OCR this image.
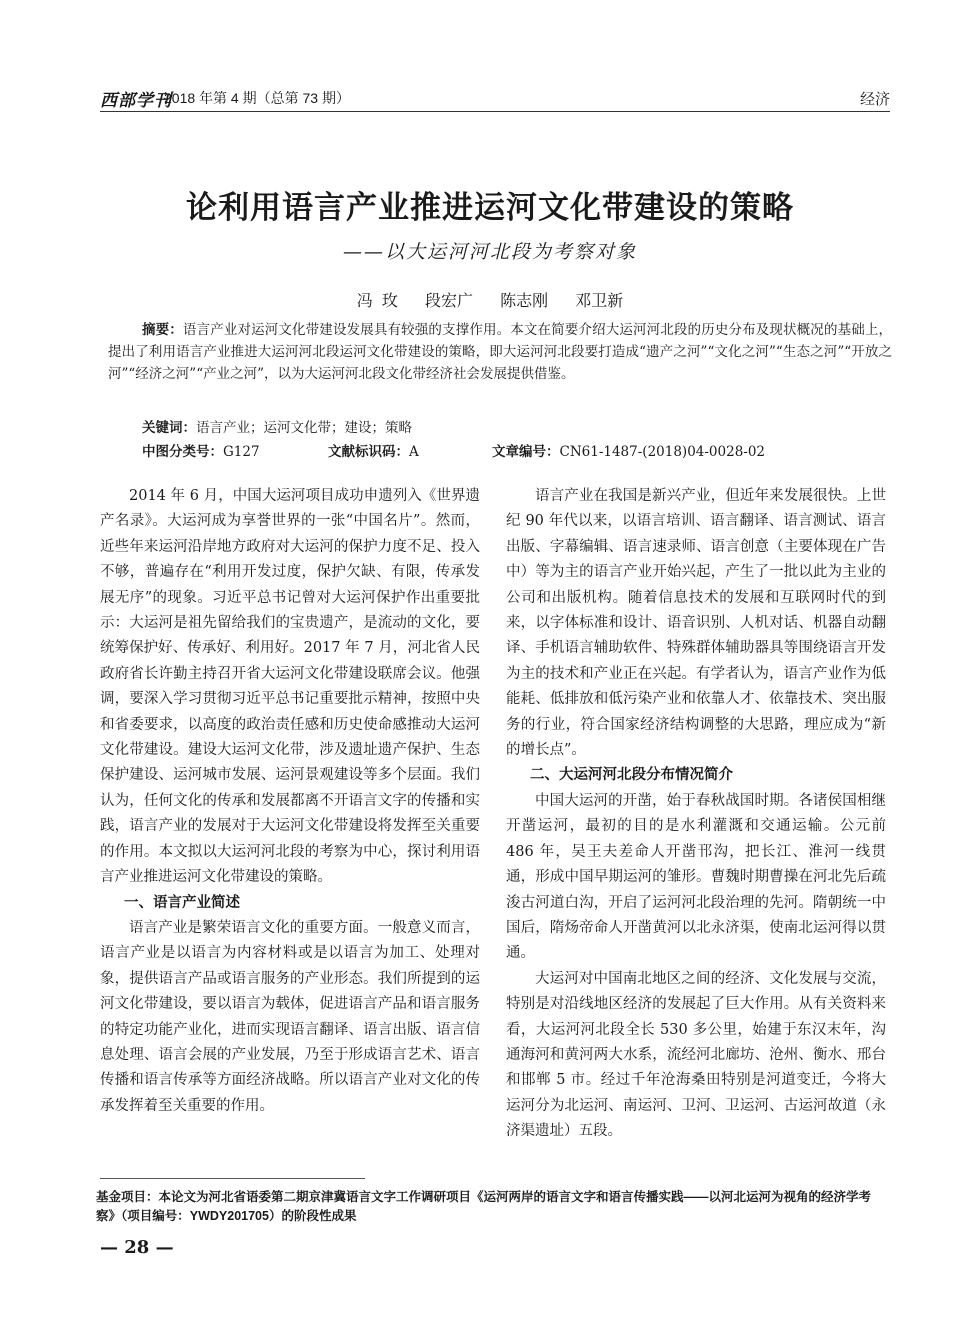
西部学刊
2018 年第 4 期（总第 73 期）	经济
论利用语言产业推进运河文化带建设的策略
——以大运河河北段为考察对象
冯 玫 段宏广 陈志刚 邓卫新

摘要：语言产业对运河文化带建设发展具有较强的支撑作用。本文在简要介绍大运河河北段的历史分布及现状概况的基础上，提出了利用语言产业推进大运河河北段运河文化带建设的策略，即大运河河北段要打造成“遗产之河”“文化之河”“生态之河”“开放之河”“经济之河”“产业之河”，以为大运河河北段文化带经济社会发展提供借鉴。

关键词：语言产业；运河文化带；建设；策略
中图分类号：G127	文献标识码：A	文章编号：CN61-1487-(2018)04-0028-02

2014 年 6 月，中国大运河项目成功申遗列入《世界遗产名录》。大运河成为享誉世界的一张“中国名片”。然而，近些年来运河沿岸地方政府对大运河的保护力度不足、投入不够，普遍存在“利用开发过度，保护欠缺、有限，传承发展无序”的现象。习近平总书记曾对大运河保护作出重要批示：大运河是祖先留给我们的宝贵遗产，是流动的文化，要统筹保护好、传承好、利用好。2017 年 7 月，河北省人民政府省长许勤主持召开省大运河文化带建设联席会议。他强调，要深入学习贯彻习近平总书记重要批示精神，按照中央和省委要求，以高度的政治责任感和历史使命感推动大运河文化带建设。建设大运河文化带，涉及遗址遗产保护、生态保护建设、运河城市发展、运河景观建设等多个层面。我们认为，任何文化的传承和发展都离不开语言文字的传播和实践，语言产业的发展对于大运河文化带建设将发挥至关重要的作用。本文拟以大运河河北段的考察为中心，探讨利用语言产业推进运河文化带建设的策略。

一、语言产业简述

语言产业是繁荣语言文化的重要方面。一般意义而言，语言产业是以语言为内容材料或是以语言为加工、处理对象，提供语言产品或语言服务的产业形态。我们所提到的运河文化带建设，要以语言为载体，促进语言产品和语言服务的特定功能产业化，进而实现语言翻译、语言出版、语言信息处理、语言会展的产业发展，乃至于形成语言艺术、语言传播和语言传承等方面经济战略。所以语言产业对文化的传承发挥着至关重要的作用。

语言产业在我国是新兴产业，但近年来发展很快。上世纪 90 年代以来，以语言培训、语言翻译、语言测试、语言出版、字幕编辑、语言速录师、语言创意（主要体现在广告中）等为主的语言产业开始兴起，产生了一批以此为主业的公司和出版机构。随着信息技术的发展和互联网时代的到来，以字体标准和设计、语音识别、人机对话、机器自动翻译、手机语言辅助软件、特殊群体辅助器具等围绕语言开发为主的技术和产业正在兴起。有学者认为，语言产业作为低能耗、低排放和低污染产业和依靠人才、依靠技术、突出服务的行业，符合国家经济结构调整的大思路，理应成为“新的增长点”。

二、大运河河北段分布情况简介

中国大运河的开凿，始于春秋战国时期。各诸侯国相继开凿运河，最初的目的是水利灌溉和交通运输。公元前 486 年，吴王夫差命人开凿邗沟，把长江、淮河一线贯通，形成中国早期运河的雏形。曹魏时期曹操在河北先后疏浚古河道白沟，开启了运河河北段治理的先河。隋朝统一中国后，隋炀帝命人开凿黄河以北永济渠，使南北运河得以贯通。

大运河对中国南北地区之间的经济、文化发展与交流，特别是对沿线地区经济的发展起了巨大作用。从有关资料来看，大运河河北段全长 530 多公里，始建于东汉末年，沟通海河和黄河两大水系，流经河北廊坊、沧州、衡水、邢台和邯郸 5 市。经过千年沧海桑田特别是河道变迁，今将大运河分为北运河、南运河、卫河、卫运河、古运河故道（永济渠遗址）五段。

基金项目：本论文为河北省语委第二期京津冀语言文字工作调研项目《运河两岸的语言文字和语言传播实践——以河北运河为视角的经济学考察》（项目编号：YWDY201705）的阶段性成果
— 28 —
